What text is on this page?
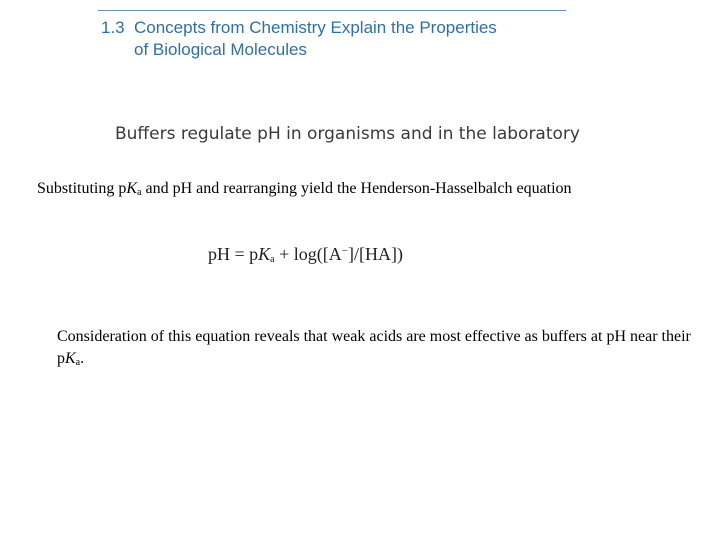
1.3 Concepts from Chemistry Explain the Properties
of Biological Molecules
Buffers regulate pH in organisms and in the laboratory
Substituting $pK_a$ and pH and rearranging yield the Henderson-Hasselbalch equation
pH = $pK_a + \log([A^-]/[HA])$
Consideration of this equation reveals that weak acids are most effective as buffers at pH near their $pK_a$.
